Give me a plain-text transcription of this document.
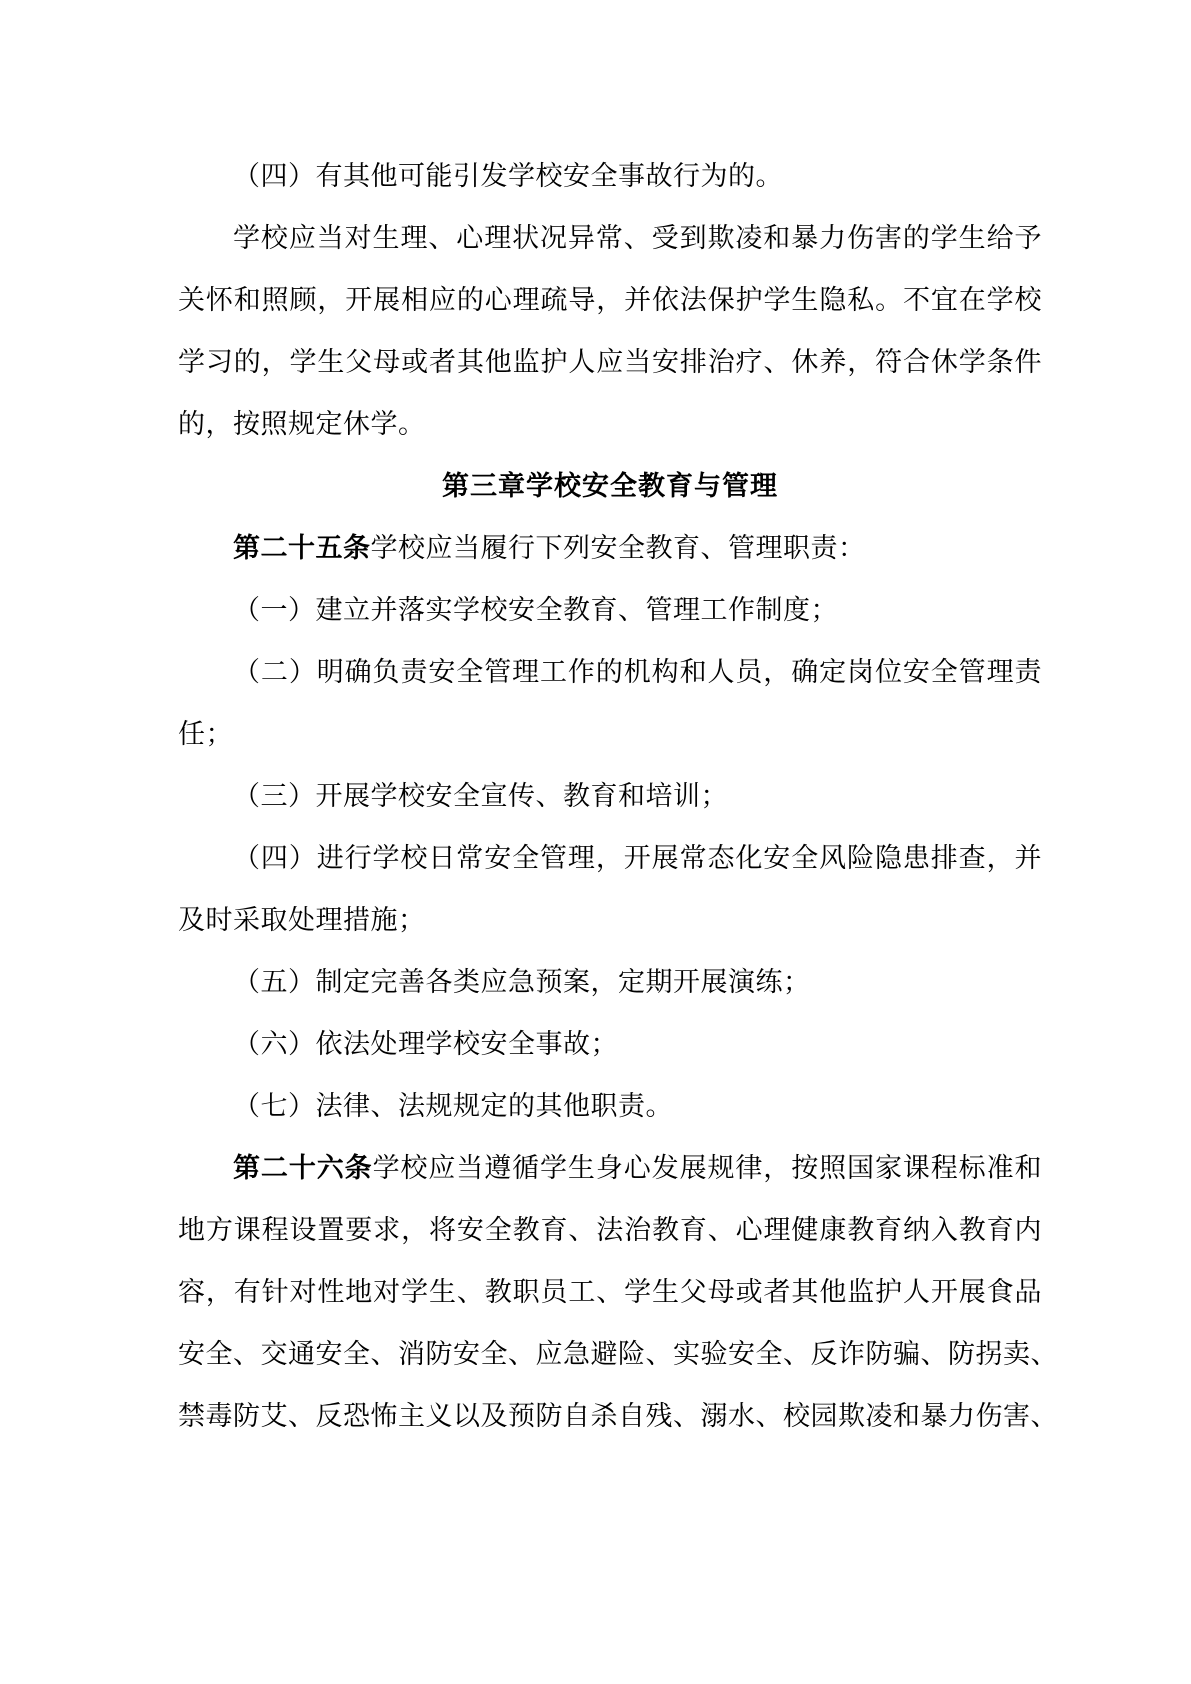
（四）有其他可能引发学校安全事故行为的。
学校应当对生理、心理状况异常、受到欺凌和暴力伤害的学生给予
关怀和照顾，开展相应的心理疏导，并依法保护学生隐私。不宜在学校
学习的，学生父母或者其他监护人应当安排治疗、休养，符合休学条件
的，按照规定休学。
第三章学校安全教育与管理
第二十五条学校应当履行下列安全教育、管理职责：
（一）建立并落实学校安全教育、管理工作制度；
（二）明确负责安全管理工作的机构和人员，确定岗位安全管理责
任；
（三）开展学校安全宣传、教育和培训；
（四）进行学校日常安全管理，开展常态化安全风险隐患排查，并
及时采取处理措施；
（五）制定完善各类应急预案，定期开展演练；
（六）依法处理学校安全事故；
（七）法律、法规规定的其他职责。
第二十六条学校应当遵循学生身心发展规律，按照国家课程标准和
地方课程设置要求，将安全教育、法治教育、心理健康教育纳入教育内
容，有针对性地对学生、教职员工、学生父母或者其他监护人开展食品
安全、交通安全、消防安全、应急避险、实验安全、反诈防骗、防拐卖、
禁毒防艾、反恐怖主义以及预防自杀自残、溺水、校园欺凌和暴力伤害、
